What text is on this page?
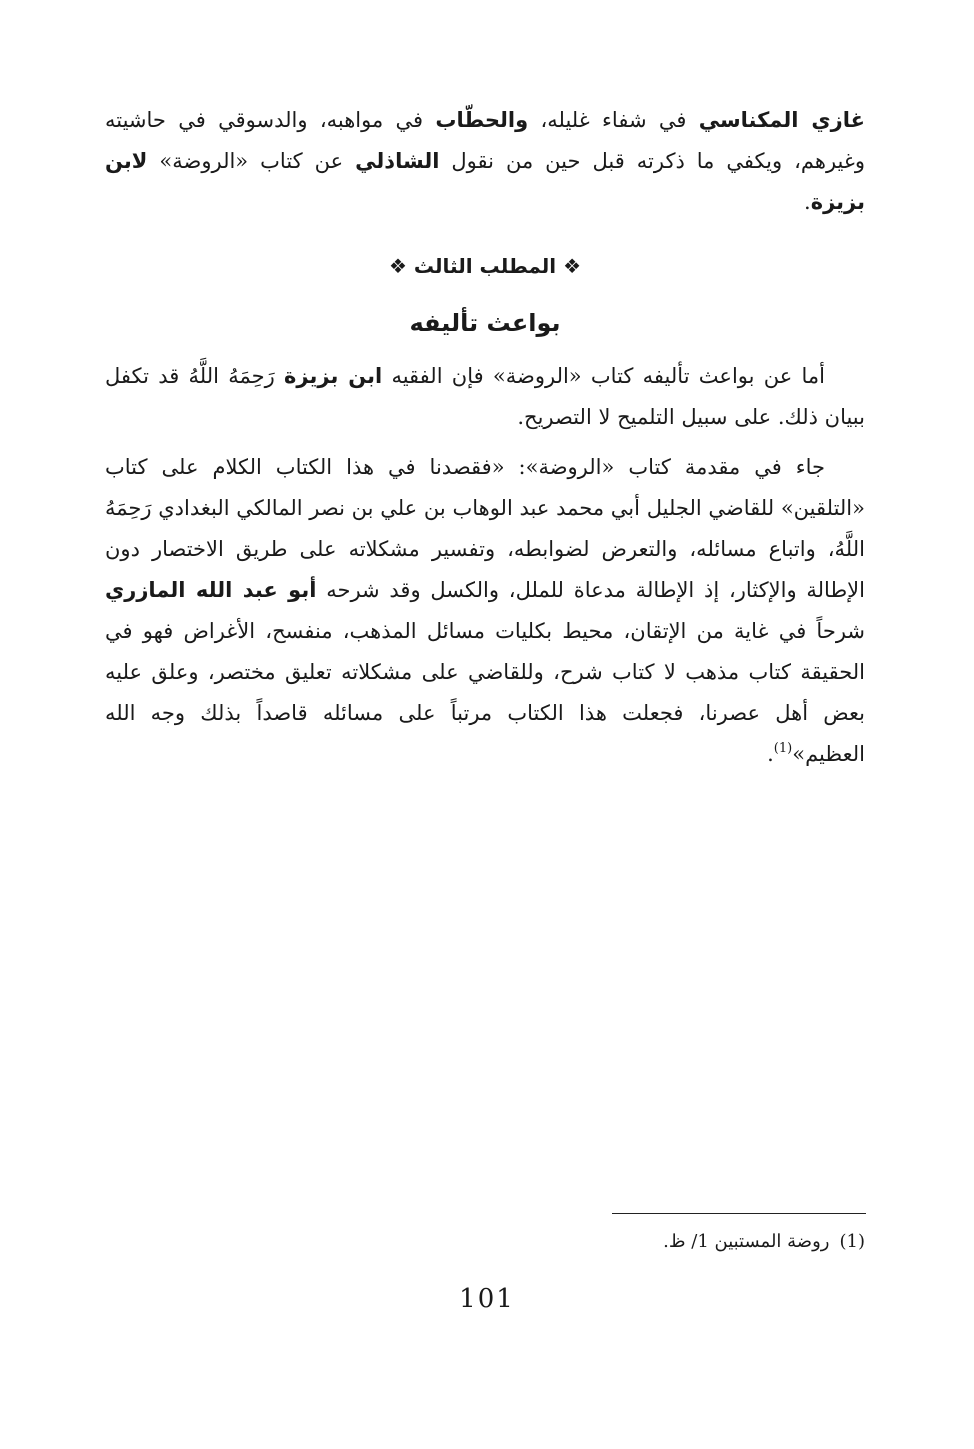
غازي المكناسي في شفاء غليله، والحطّاب في مواهبه، والدسوقي في حاشيته وغيرهم، ويكفي ما ذكرته قبل حين من نقول الشاذلي عن كتاب «الروضة» لابن بزيزة.

❖ المطلب الثالث ❖
بواعث تأليفه

أما عن بواعث تأليفه كتاب «الروضة» فإن الفقيه ابن بزيزة رَحِمَهُ اللَّهُ قد تكفل ببيان ذلك. على سبيل التلميح لا التصريح.

جاء في مقدمة كتاب «الروضة»: «فقصدنا في هذا الكتاب الكلام على كتاب «التلقين» للقاضي الجليل أبي محمد عبد الوهاب بن علي بن نصر المالكي البغدادي رَحِمَهُ اللَّهُ، واتباع مسائله، والتعرض لضوابطه، وتفسير مشكلاته على طريق الاختصار دون الإطالة والإكثار، إذ الإطالة مدعاة للملل، والكسل وقد شرحه أبو عبد الله المازري شرحاً في غاية من الإتقان، محيط بكليات مسائل المذهب، منفسح، الأغراض فهو في الحقيقة كتاب مذهب لا كتاب شرح، وللقاضي على مشكلاته تعليق مختصر، وعلق عليه بعض أهل عصرنا، فجعلت هذا الكتاب مرتباً على مسائله قاصداً بذلك وجه الله العظيم»$^{(1)}$.

(1)روضة المستبين 1/ ظ.

101
